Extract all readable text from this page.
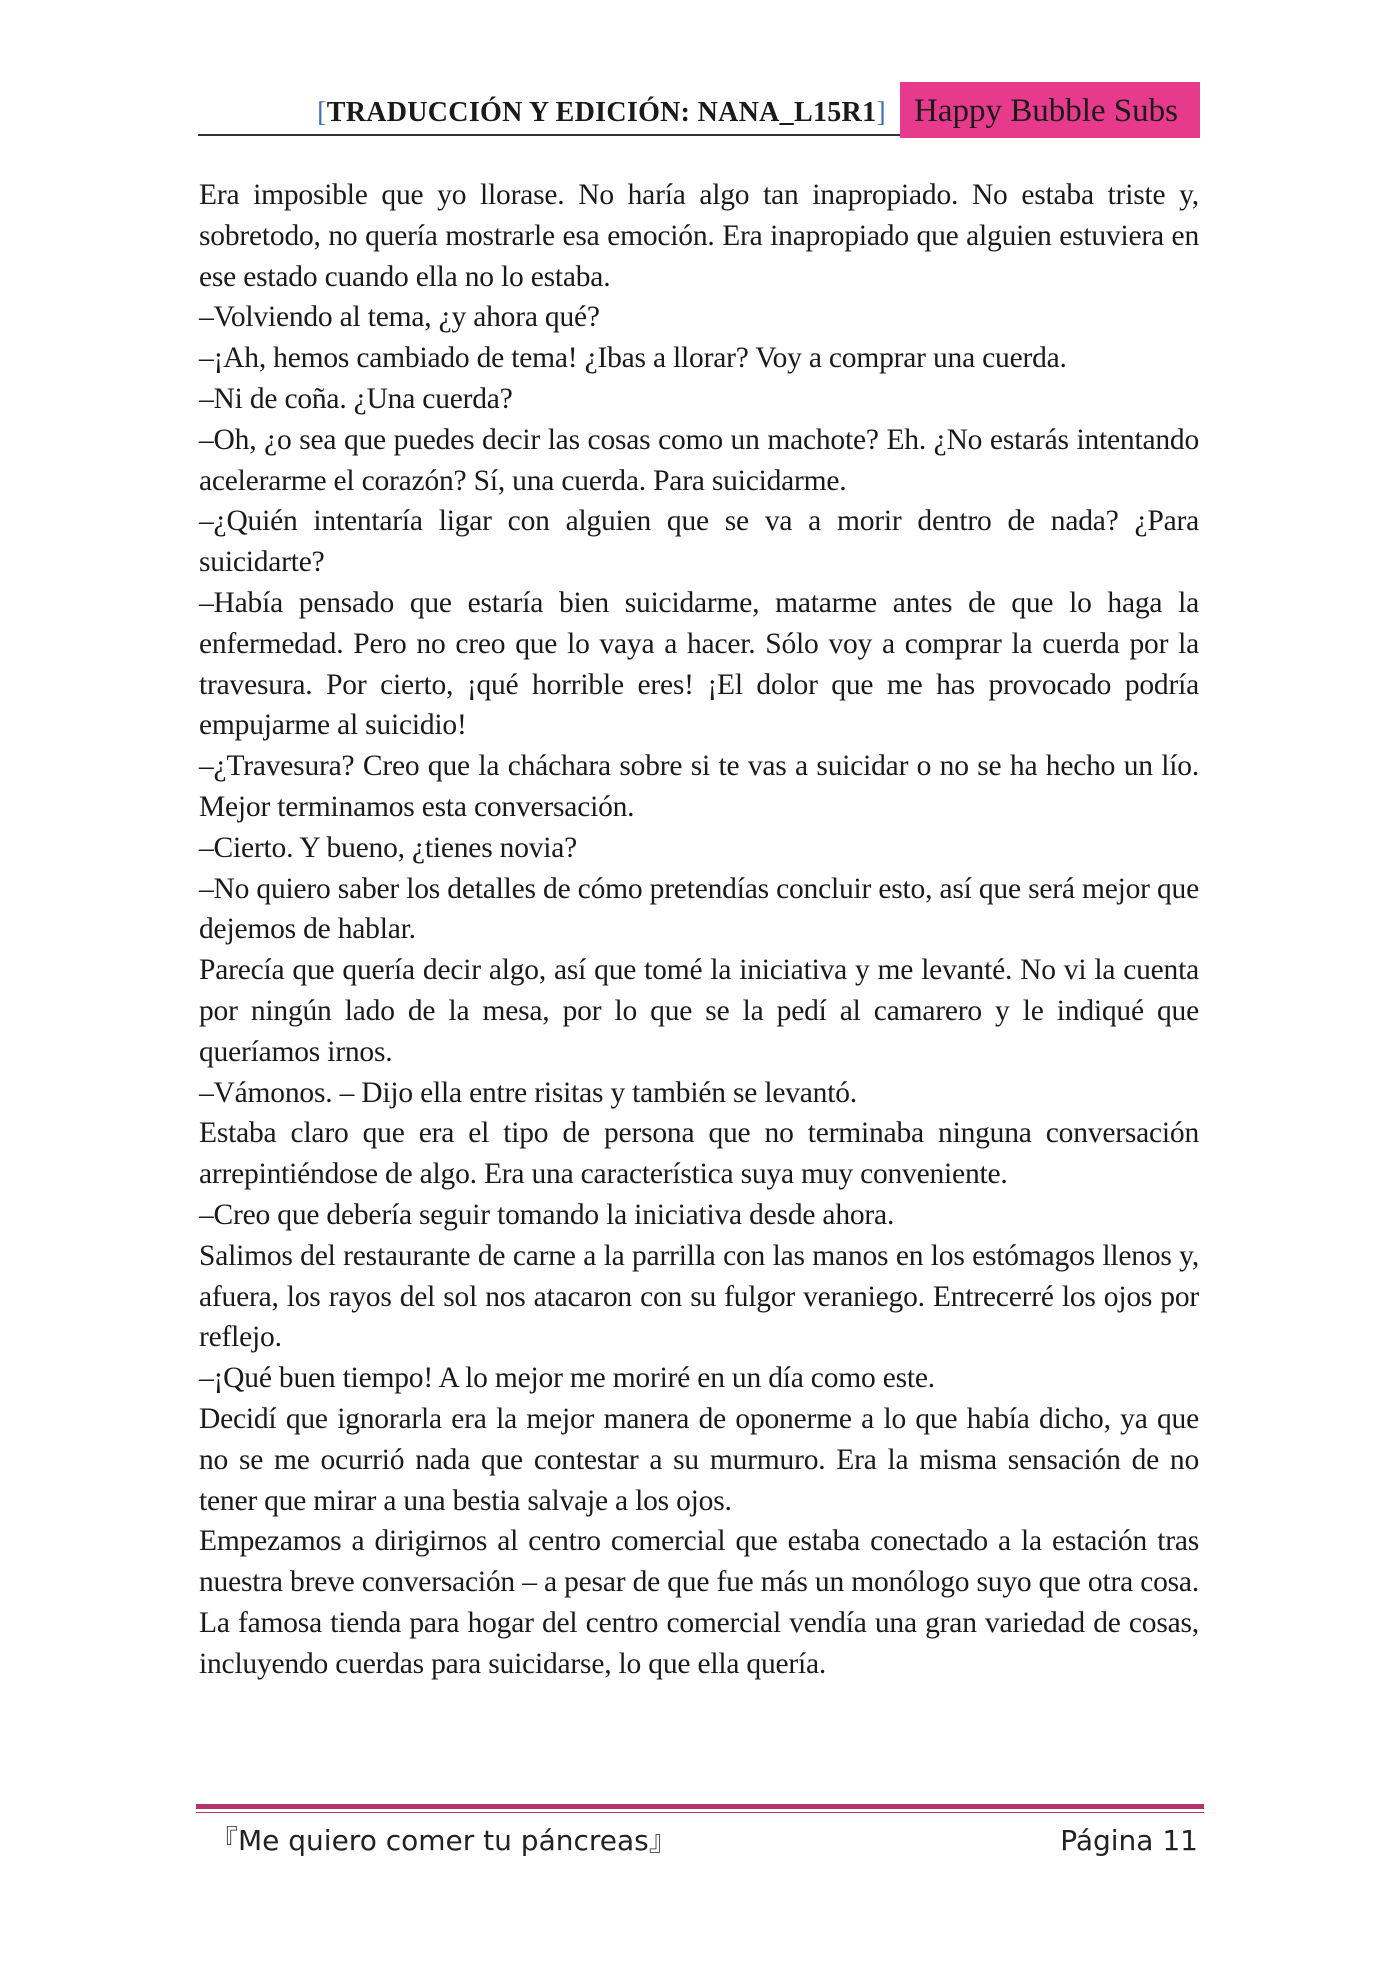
[TRADUCCIÓN Y EDICIÓN: NANA_L15R1] Happy Bubble Subs

Era imposible que yo llorase. No haría algo tan inapropiado. No estaba triste y, sobretodo, no quería mostrarle esa emoción. Era inapropiado que alguien estuviera en ese estado cuando ella no lo estaba.

–Volviendo al tema, ¿y ahora qué?

–¡Ah, hemos cambiado de tema! ¿Ibas a llorar? Voy a comprar una cuerda.

–Ni de coña. ¿Una cuerda?

–Oh, ¿o sea que puedes decir las cosas como un machote? Eh. ¿No estarás intentando acelerarme el corazón? Sí, una cuerda. Para suicidarme.

–¿Quién intentaría ligar con alguien que se va a morir dentro de nada? ¿Para suicidarte?

–Había pensado que estaría bien suicidarme, matarme antes de que lo haga la enfermedad. Pero no creo que lo vaya a hacer. Sólo voy a comprar la cuerda por la travesura. Por cierto, ¡qué horrible eres! ¡El dolor que me has provocado podría empujarme al suicidio!

–¿Travesura? Creo que la cháchara sobre si te vas a suicidar o no se ha hecho un lío. Mejor terminamos esta conversación.

–Cierto. Y bueno, ¿tienes novia?

–No quiero saber los detalles de cómo pretendías concluir esto, así que será mejor que dejemos de hablar.

Parecía que quería decir algo, así que tomé la iniciativa y me levanté. No vi la cuenta por ningún lado de la mesa, por lo que se la pedí al camarero y le indiqué que queríamos irnos.

–Vámonos. – Dijo ella entre risitas y también se levantó.

Estaba claro que era el tipo de persona que no terminaba ninguna conversación arrepintiéndose de algo. Era una característica suya muy conveniente.

–Creo que debería seguir tomando la iniciativa desde ahora.

Salimos del restaurante de carne a la parrilla con las manos en los estómagos llenos y, afuera, los rayos del sol nos atacaron con su fulgor veraniego. Entrecerré los ojos por reflejo.

–¡Qué buen tiempo! A lo mejor me moriré en un día como este.

Decidí que ignorarla era la mejor manera de oponerme a lo que había dicho, ya que no se me ocurrió nada que contestar a su murmuro. Era la misma sensación de no tener que mirar a una bestia salvaje a los ojos.

Empezamos a dirigirnos al centro comercial que estaba conectado a la estación tras nuestra breve conversación – a pesar de que fue más un monólogo suyo que otra cosa. La famosa tienda para hogar del centro comercial vendía una gran variedad de cosas, incluyendo cuerdas para suicidarse, lo que ella quería.

『Me quiero comer tu páncreas』	Página 11
